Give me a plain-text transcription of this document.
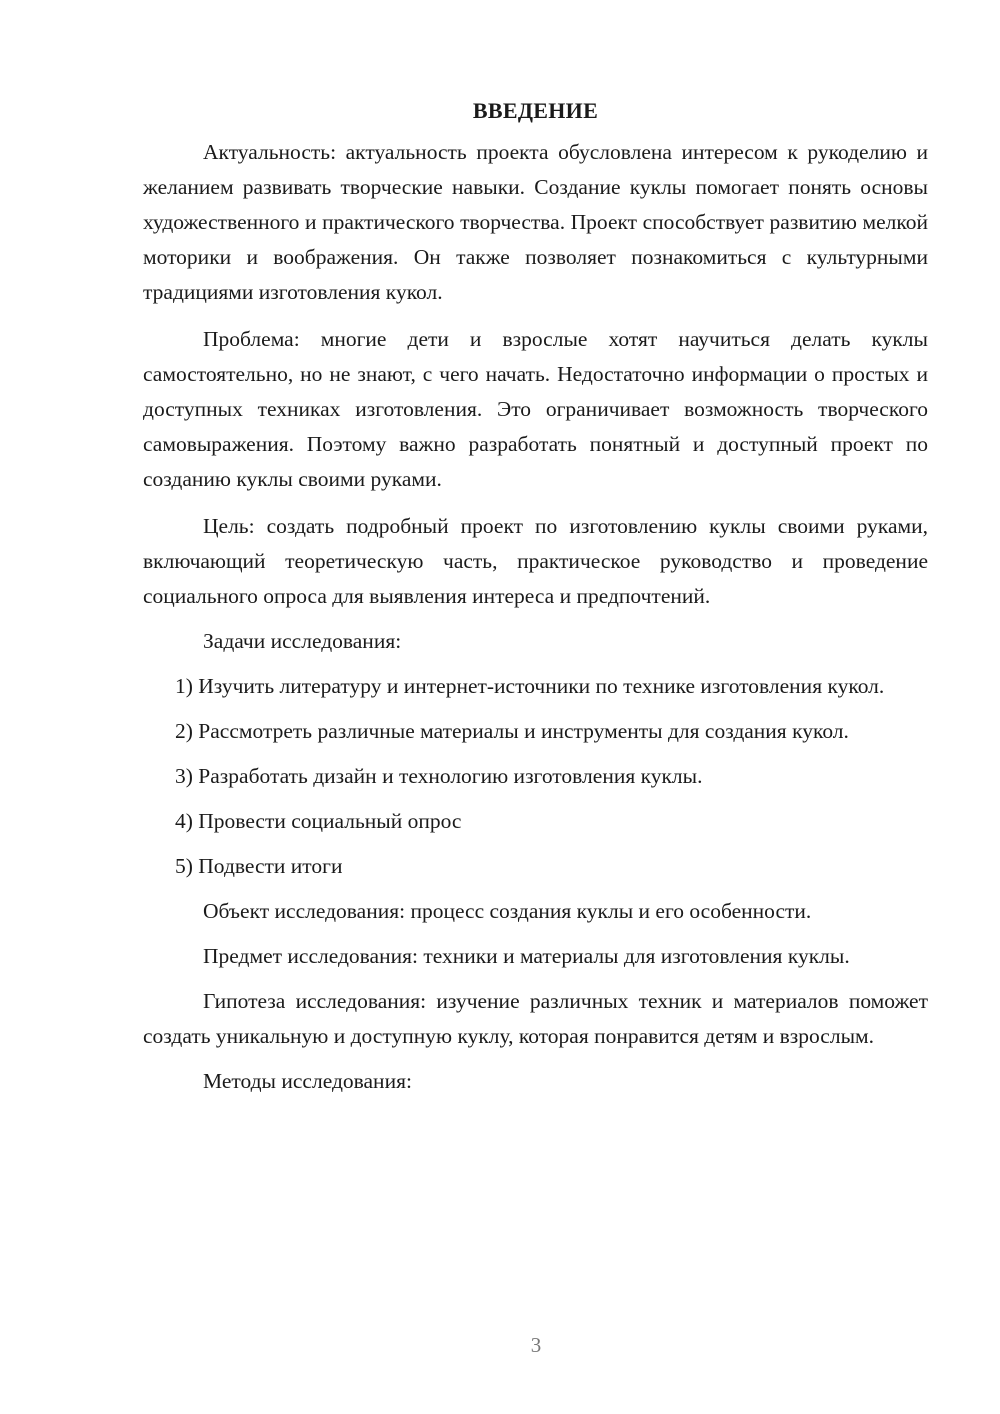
ВВЕДЕНИЕ

Актуальность: актуальность проекта обусловлена интересом к рукоделию и желанием развивать творческие навыки. Создание куклы помогает понять основы художественного и практического творчества. Проект способствует развитию мелкой моторики и воображения. Он также позволяет познакомиться с культурными традициями изготовления кукол.

Проблема: многие дети и взрослые хотят научиться делать куклы самостоятельно, но не знают, с чего начать. Недостаточно информации о простых и доступных техниках изготовления. Это ограничивает возможность творческого самовыражения. Поэтому важно разработать понятный и доступный проект по созданию куклы своими руками.

Цель: создать подробный проект по изготовлению куклы своими руками, включающий теоретическую часть, практическое руководство и проведение социального опроса для выявления интереса и предпочтений.

Задачи исследования:

1) Изучить литературу и интернет-источники по технике изготовления кукол.

2) Рассмотреть различные материалы и инструменты для создания кукол.

3) Разработать дизайн и технологию изготовления куклы.

4) Провести социальный опрос

5) Подвести итоги

Объект исследования: процесс создания куклы и его особенности.

Предмет исследования: техники и материалы для изготовления куклы.

Гипотеза исследования: изучение различных техник и материалов поможет создать уникальную и доступную куклу, которая понравится детям и взрослым.

Методы исследования:

3
